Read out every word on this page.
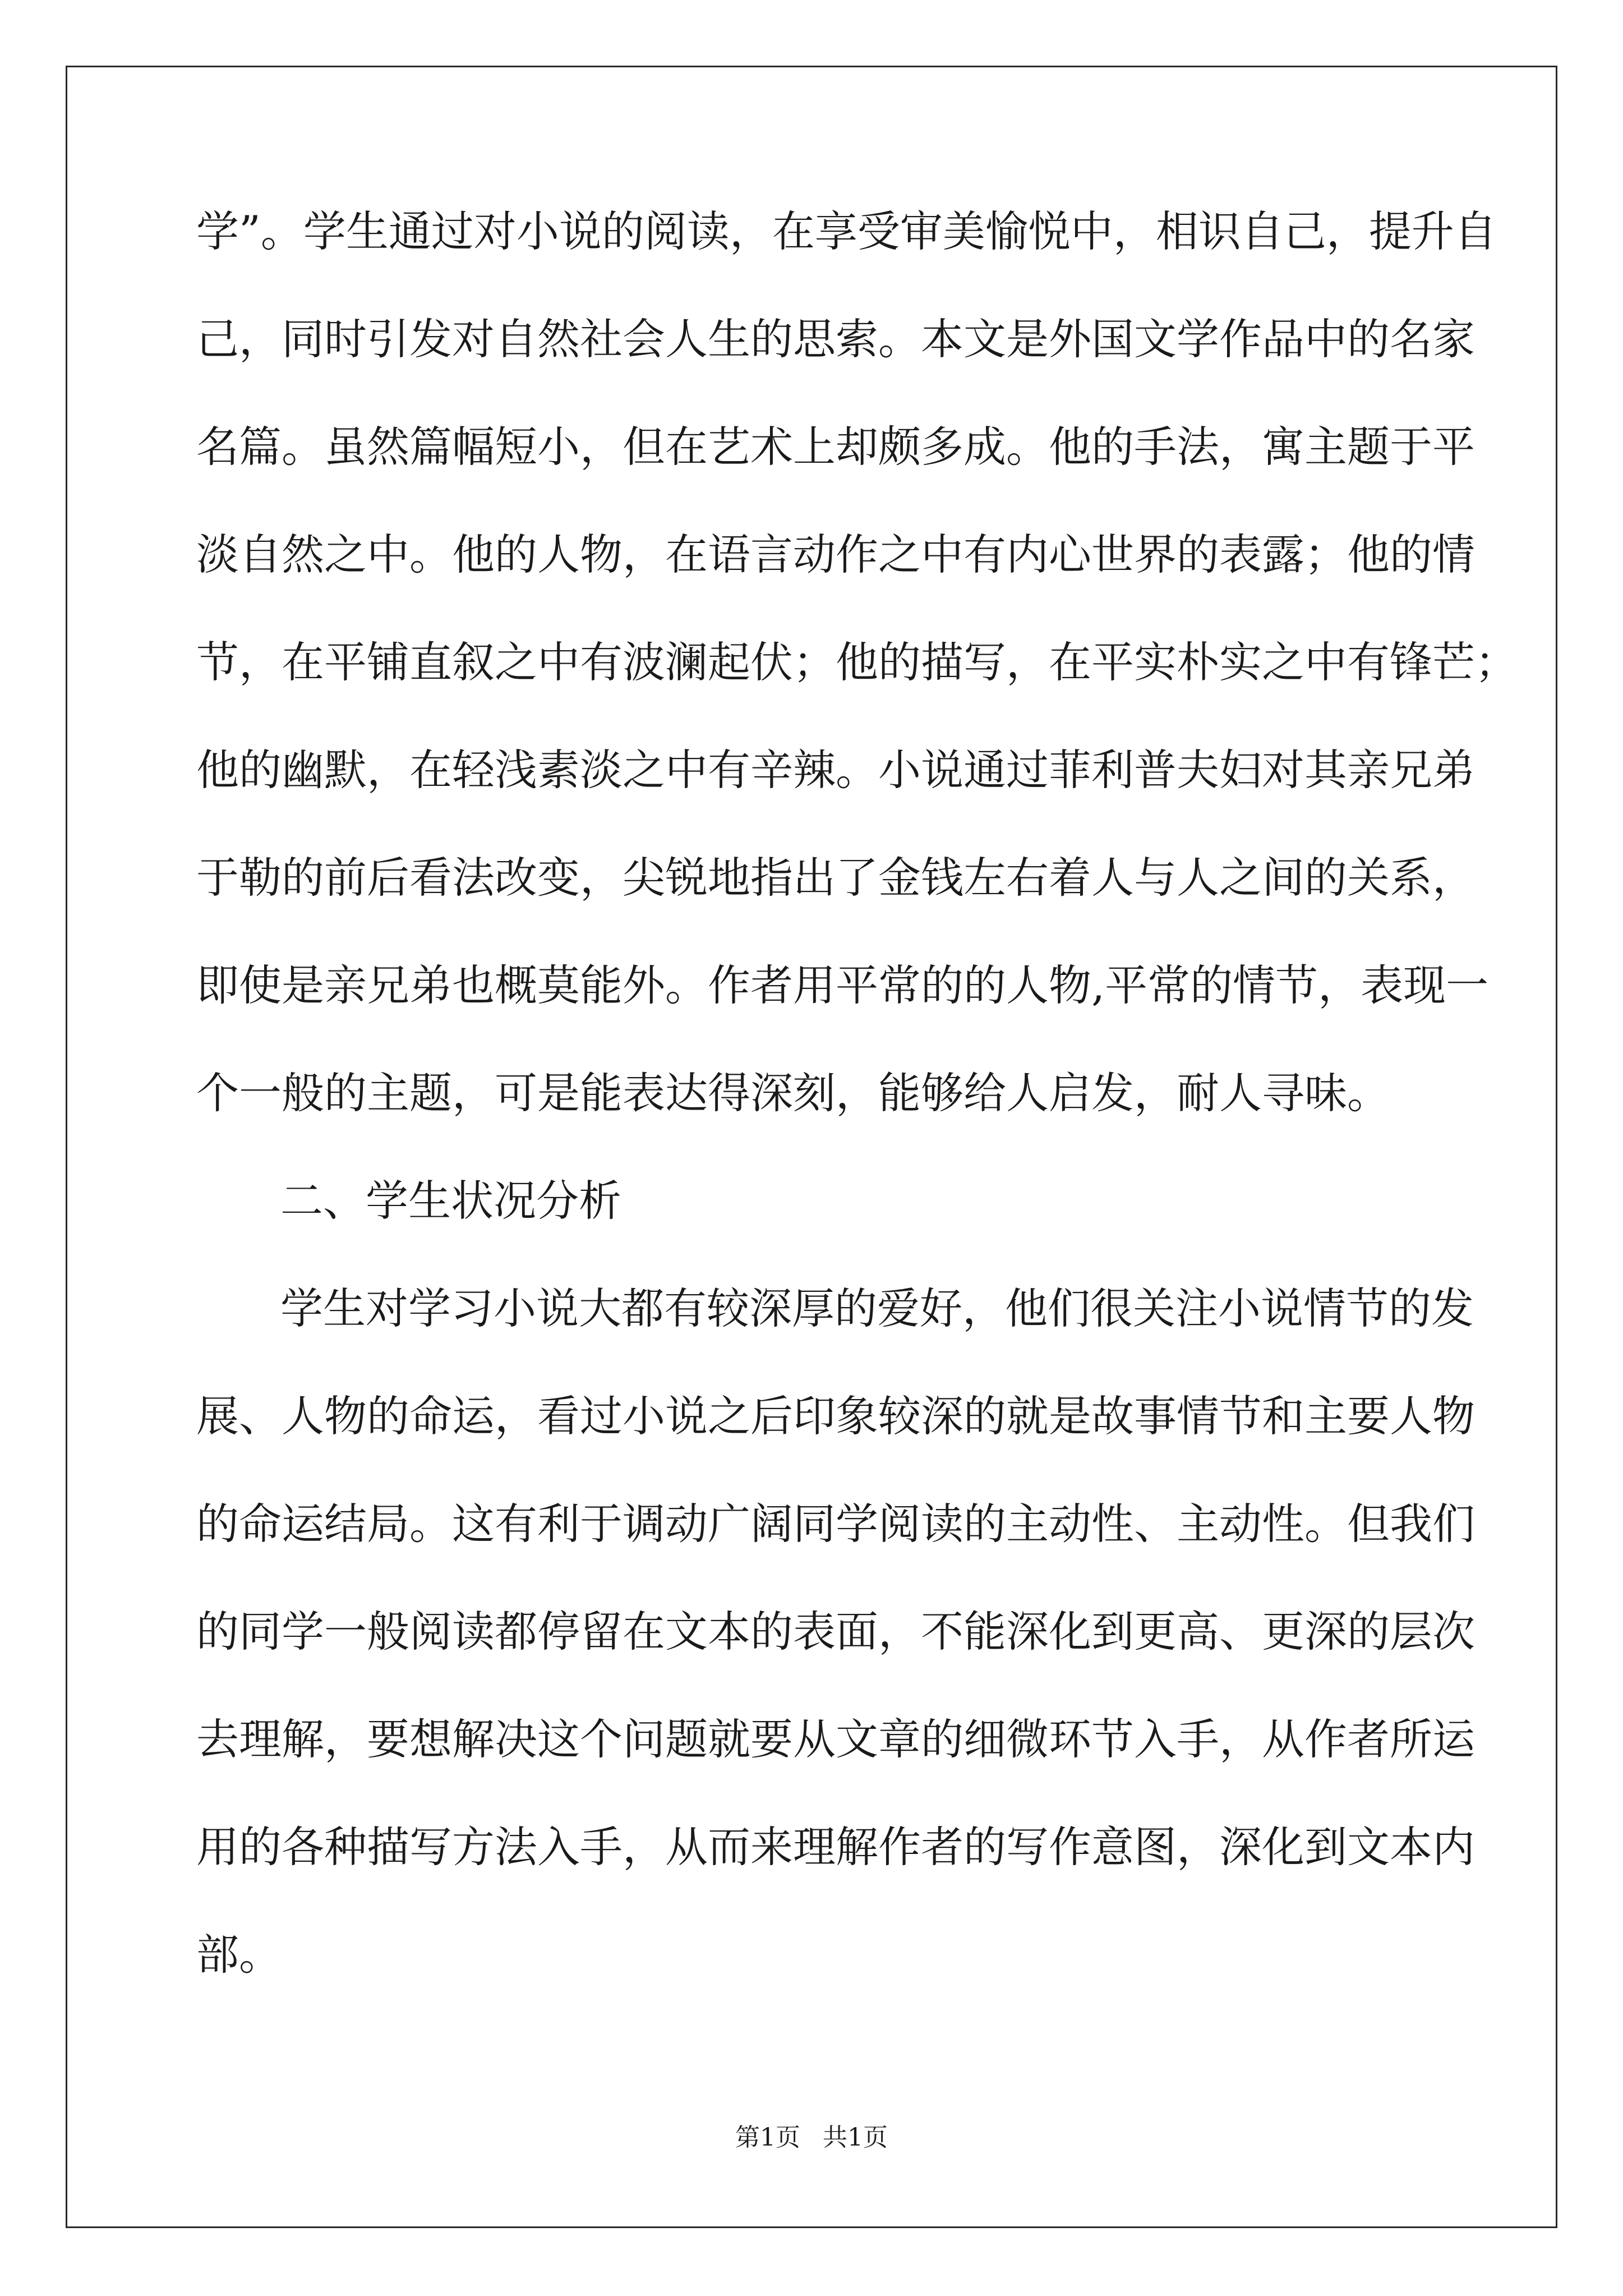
学”。学生通过对小说的阅读，在享受审美愉悦中，相识自己，提升自
己，同时引发对自然社会人生的思索。本文是外国文学作品中的名家
名篇。虽然篇幅短小，但在艺术上却颇多成。他的手法，寓主题于平
淡自然之中。他的人物，在语言动作之中有内心世界的表露；他的情
节，在平铺直叙之中有波澜起伏；他的描写，在平实朴实之中有锋芒；
他的幽默，在轻浅素淡之中有辛辣。小说通过菲利普夫妇对其亲兄弟
于勒的前后看法改变，尖锐地指出了金钱左右着人与人之间的关系，
即使是亲兄弟也概莫能外。作者用平常的的人物,平常的情节，表现一
个一般的主题，可是能表达得深刻，能够给人启发，耐人寻味。
二、学生状况分析
学生对学习小说大都有较深厚的爱好，他们很关注小说情节的发
展、人物的命运，看过小说之后印象较深的就是故事情节和主要人物
的命运结局。这有利于调动广阔同学阅读的主动性、主动性。但我们
的同学一般阅读都停留在文本的表面，不能深化到更高、更深的层次
去理解，要想解决这个问题就要从文章的细微环节入手，从作者所运
用的各种描写方法入手，从而来理解作者的写作意图，深化到文本内
部。
第1页 共1页
